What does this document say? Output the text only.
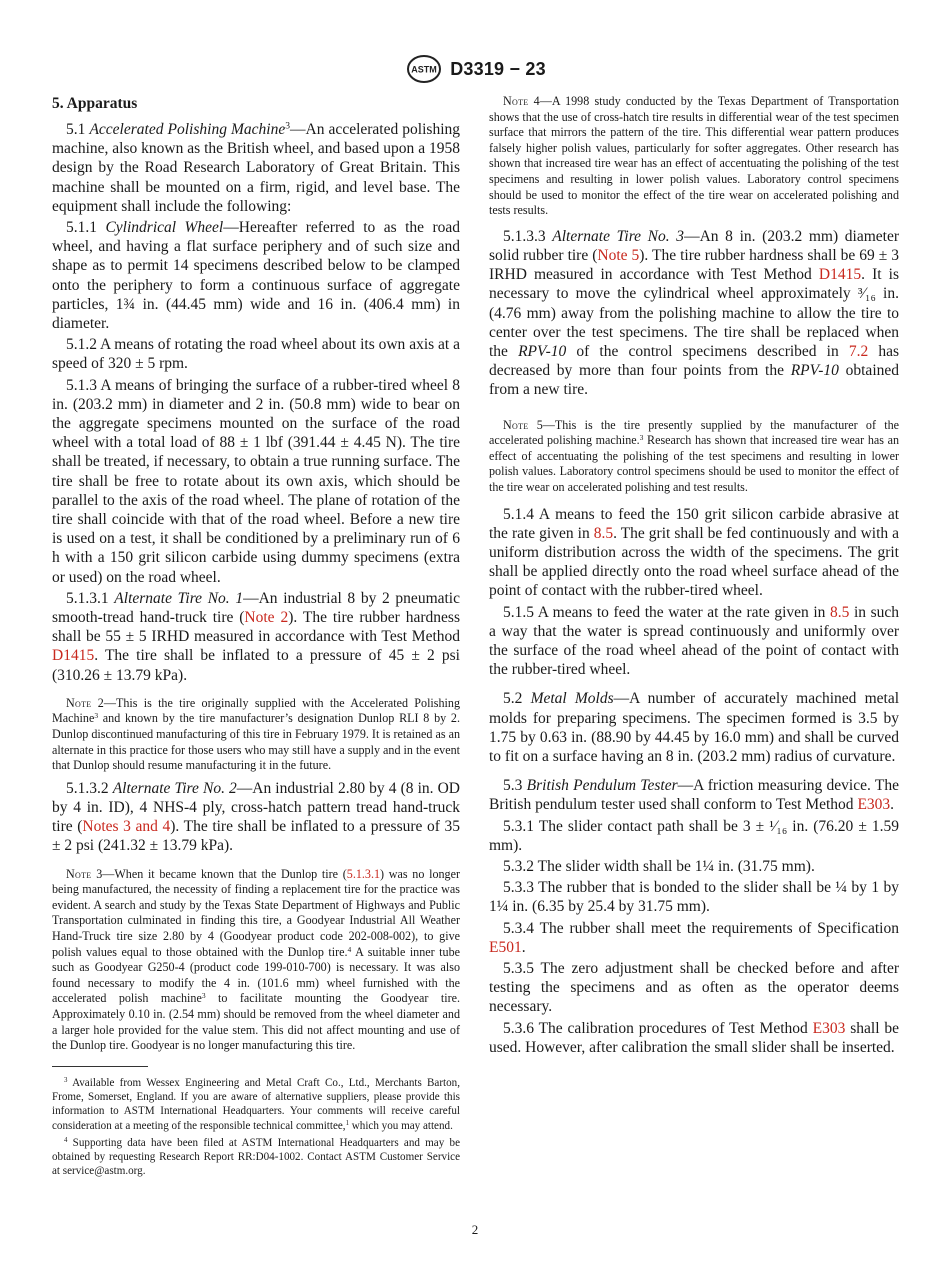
ASTM D3319 − 23

5. Apparatus

5.1 Accelerated Polishing Machine$^3$—An accelerated polishing machine, also known as the British wheel, and based upon a 1958 design by the Road Research Laboratory of Great Britain. This machine shall be mounted on a firm, rigid, and level base. The equipment shall include the following:

5.1.1 Cylindrical Wheel—Hereafter referred to as the road wheel, and having a flat surface periphery and of such size and shape as to permit 14 specimens described below to be clamped onto the periphery to form a continuous surface of aggregate particles, 1¾ in. (44.45 mm) wide and 16 in. (406.4 mm) in diameter.

5.1.2 A means of rotating the road wheel about its own axis at a speed of 320 ± 5 rpm.

5.1.3 A means of bringing the surface of a rubber-tired wheel 8 in. (203.2 mm) in diameter and 2 in. (50.8 mm) wide to bear on the aggregate specimens mounted on the surface of the road wheel with a total load of 88 ± 1 lbf (391.44 ± 4.45 N). The tire shall be treated, if necessary, to obtain a true running surface. The tire shall be free to rotate about its own axis, which should be parallel to the axis of the road wheel. The plane of rotation of the tire shall coincide with that of the road wheel. Before a new tire is used on a test, it shall be conditioned by a preliminary run of 6 h with a 150 grit silicon carbide using dummy specimens (extra or used) on the road wheel.

5.1.3.1 Alternate Tire No. 1—An industrial 8 by 2 pneumatic smooth-tread hand-truck tire (Note 2). The tire rubber hardness shall be 55 ± 5 IRHD measured in accordance with Test Method D1415. The tire shall be inflated to a pressure of 45 ± 2 psi (310.26 ± 13.79 kPa).

Note 2—This is the tire originally supplied with the Accelerated Polishing Machine$^3$ and known by the tire manufacturer’s designation Dunlop RLI 8 by 2. Dunlop discontinued manufacturing of this tire in February 1979. It is retained as an alternate in this practice for those users who may still have a supply and in the event that Dunlop should resume manufacturing it in the future.

5.1.3.2 Alternate Tire No. 2—An industrial 2.80 by 4 (8 in. OD by 4 in. ID), 4 NHS-4 ply, cross-hatch pattern tread hand-truck tire (Notes 3 and 4). The tire shall be inflated to a pressure of 35 ± 2 psi (241.32 ± 13.79 kPa).

Note 3—When it became known that the Dunlop tire (5.1.3.1) was no longer being manufactured, the necessity of finding a replacement tire for the practice was evident. A search and study by the Texas State Department of Highways and Public Transportation culminated in finding this tire, a Goodyear Industrial All Weather Hand-Truck tire size 2.80 by 4 (Goodyear product code 202-008-002), to give polish values equal to those obtained with the Dunlop tire.$^4$ A suitable inner tube such as Goodyear G250-4 (product code 199-010-700) is necessary. It was also found necessary to modify the 4 in. (101.6 mm) wheel furnished with the accelerated polish machine$^3$ to facilitate mounting the Goodyear tire. Approximately 0.10 in. (2.54 mm) should be removed from the wheel diameter and a larger hole provided for the value stem. This did not affect mounting and use of the Dunlop tire. Goodyear is no longer manufacturing this tire.

$^3$ Available from Wessex Engineering and Metal Craft Co., Ltd., Merchants Barton, Frome, Somerset, England. If you are aware of alternative suppliers, please provide this information to ASTM International Headquarters. Your comments will receive careful consideration at a meeting of the responsible technical committee,$^1$ which you may attend.

$^4$ Supporting data have been filed at ASTM International Headquarters and may be obtained by requesting Research Report RR:D04-1002. Contact ASTM Customer Service at service@astm.org.

Note 4—A 1998 study conducted by the Texas Department of Transportation shows that the use of cross-hatch tire results in differential wear of the test specimen surface that mirrors the pattern of the tire. This differential wear pattern produces falsely higher polish values, particularly for softer aggregates. Other research has shown that increased tire wear has an effect of accentuating the polishing of the test specimens and resulting in lower polish values. Laboratory control specimens should be used to monitor the effect of the tire wear on accelerated polishing and tests results.

5.1.3.3 Alternate Tire No. 3—An 8 in. (203.2 mm) diameter solid rubber tire (Note 5). The tire rubber hardness shall be 69 ± 3 IRHD measured in accordance with Test Method D1415. It is necessary to move the cylindrical wheel approximately ³⁄₁₆ in. (4.76 mm) away from the polishing machine to allow the tire to center over the test specimens. The tire shall be replaced when the RPV-10 of the control specimens described in 7.2 has decreased by more than four points from the RPV-10 obtained from a new tire.

Note 5—This is the tire presently supplied by the manufacturer of the accelerated polishing machine.$^3$ Research has shown that increased tire wear has an effect of accentuating the polishing of the test specimens and resulting in lower polish values. Laboratory control specimens should be used to monitor the effect of the tire wear on accelerated polishing and test results.

5.1.4 A means to feed the 150 grit silicon carbide abrasive at the rate given in 8.5. The grit shall be fed continuously and with a uniform distribution across the width of the specimens. The grit shall be applied directly onto the road wheel surface ahead of the point of contact with the rubber-tired wheel.

5.1.5 A means to feed the water at the rate given in 8.5 in such a way that the water is spread continuously and uniformly over the surface of the road wheel ahead of the point of contact with the rubber-tired wheel.

5.2 Metal Molds—A number of accurately machined metal molds for preparing specimens. The specimen formed is 3.5 by 1.75 by 0.63 in. (88.90 by 44.45 by 16.0 mm) and shall be curved to fit on a surface having an 8 in. (203.2 mm) radius of curvature.

5.3 British Pendulum Tester—A friction measuring device. The British pendulum tester used shall conform to Test Method E303.

5.3.1 The slider contact path shall be 3 ± ¹⁄₁₆ in. (76.20 ± 1.59 mm).

5.3.2 The slider width shall be 1¼ in. (31.75 mm).

5.3.3 The rubber that is bonded to the slider shall be ¼ by 1 by 1¼ in. (6.35 by 25.4 by 31.75 mm).

5.3.4 The rubber shall meet the requirements of Specification E501.

5.3.5 The zero adjustment shall be checked before and after testing the specimens and as often as the operator deems necessary.

5.3.6 The calibration procedures of Test Method E303 shall be used. However, after calibration the small slider shall be inserted.

2
